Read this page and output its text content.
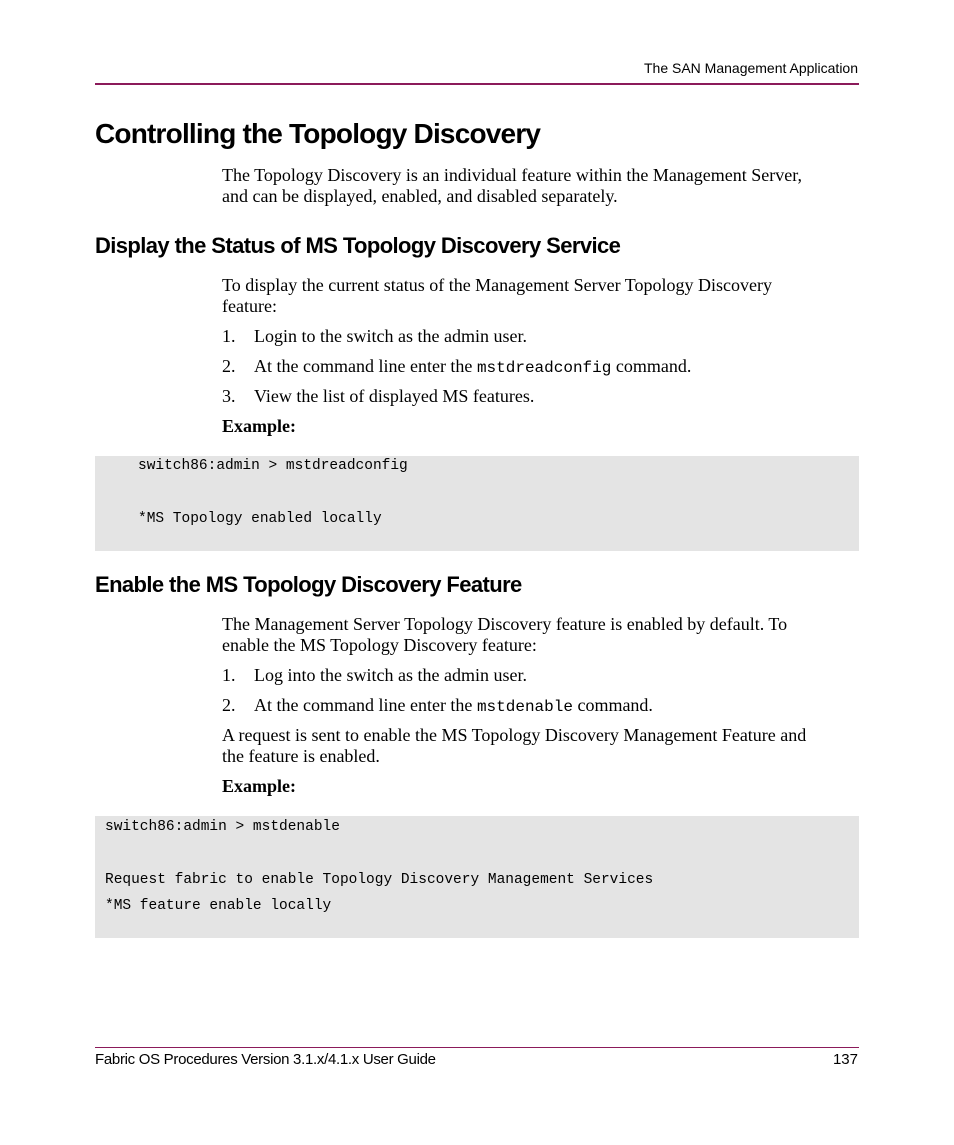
The SAN Management Application
Controlling the Topology Discovery

The Topology Discovery is an individual feature within the Management Server,
and can be displayed, enabled, and disabled separately.

Display the Status of MS Topology Discovery Service

To display the current status of the Management Server Topology Discovery
feature:

1. Login to the switch as the admin user.

2. At the command line enter the mstdreadconfig command.

3. View the list of displayed MS features.

Example:

switch86:admin > mstdreadconfig
*MS Topology enabled locally
Enable the MS Topology Discovery Feature

The Management Server Topology Discovery feature is enabled by default. To
enable the MS Topology Discovery feature:

1. Log into the switch as the admin user.

2. At the command line enter the mstdenable command.

A request is sent to enable the MS Topology Discovery Management Feature and
the feature is enabled.

Example:

switch86:admin > mstdenable
Request fabric to enable Topology Discovery Management Services
*MS feature enable locally
Fabric OS Procedures Version 3.1.x/4.1.x User Guide	137
